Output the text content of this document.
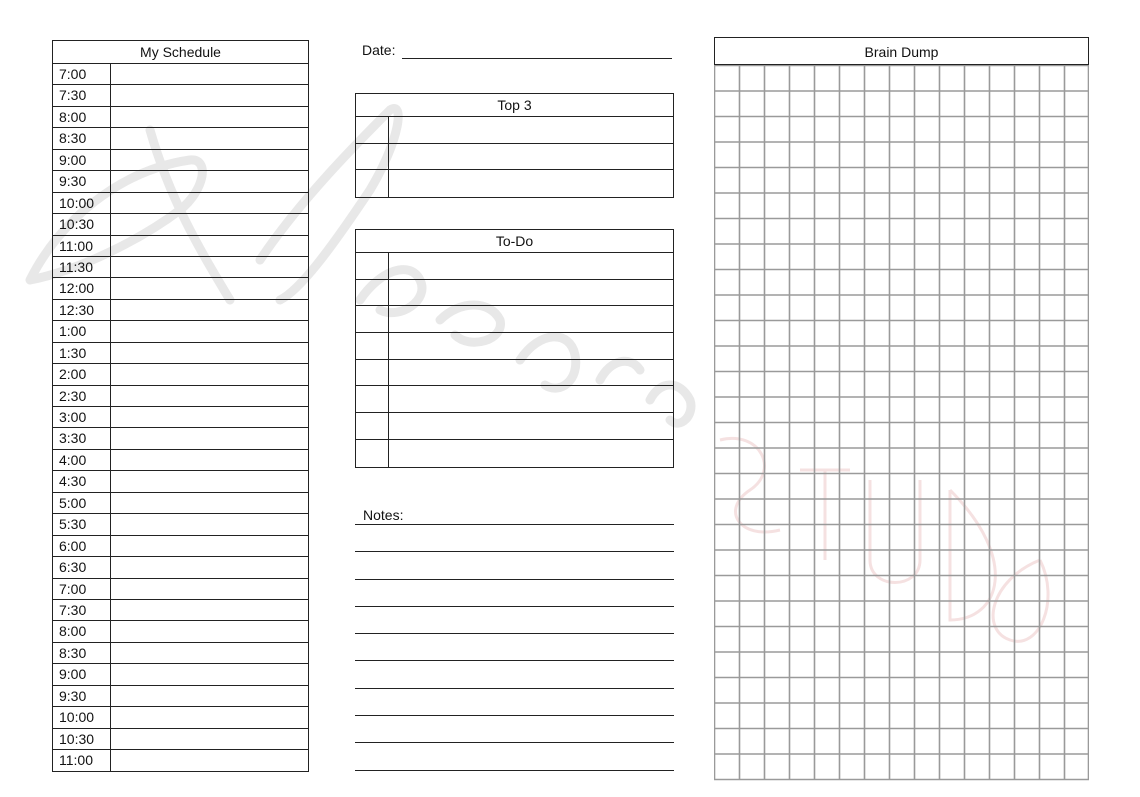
My Schedule
7:00
7:30
8:00
8:30
9:00
9:30
10:00
10:30
11:00
11:30
12:00
12:30
1:00
1:30
2:00
2:30
3:00
3:30
4:00
4:30
5:00
5:30
6:00
6:30
7:00
7:30
8:00
8:30
9:00
9:30
10:00
10:30
11:00
Date:
Top 3
To-Do
Notes:
Brain Dump
